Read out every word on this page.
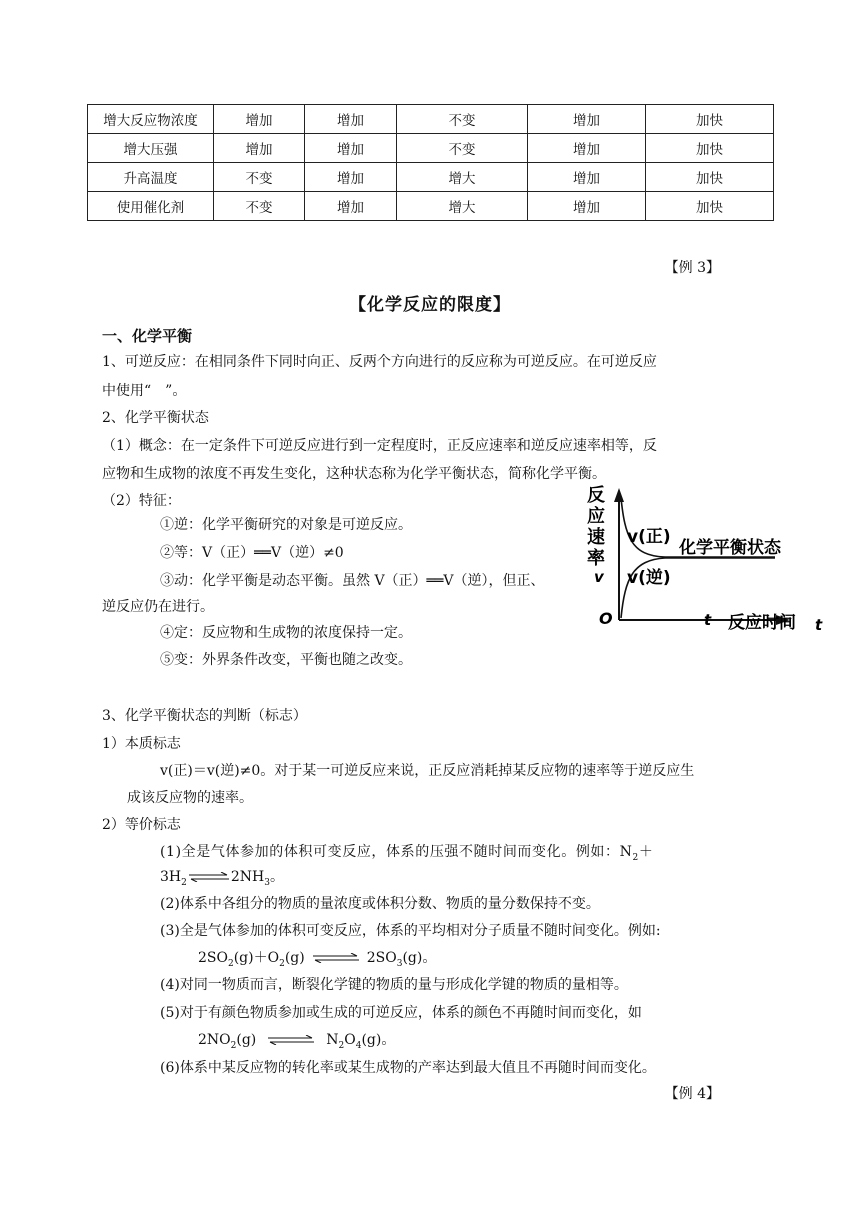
增大反应物浓度	增加	增加	不变	增加	加快
增大压强	增加	增加	不变	增加	加快
升高温度	不变	增加	增大	增加	加快
使用催化剂	不变	增加	增大	增加	加快
【例 3】
【化学反应的限度】
一、化学平衡
1、可逆反应：在相同条件下同时向正、反两个方向进行的反应称为可逆反应。在可逆反应
中使用“　”。
2、化学平衡状态
（1）概念：在一定条件下可逆反应进行到一定程度时，正反应速率和逆反应速率相等，反
应物和生成物的浓度不再发生变化，这种状态称为化学平衡状态，简称化学平衡。
（2）特征：
①逆：化学平衡研究的对象是可逆反应。
②等：V（正）══V（逆）≠0
③动：化学平衡是动态平衡。虽然 V（正）══V（逆），但正、
逆反应仍在进行。
④定：反应物和生成物的浓度保持一定。
⑤变：外界条件改变，平衡也随之改变。
反
应
速
率
v
O	t 反应时间 t
v(正)
v(逆)
化学平衡状态
3、化学平衡状态的判断（标志）
1）本质标志
v(正)＝v(逆)≠0。对于某一可逆反应来说，正反应消耗掉某反应物的速率等于逆反应生
成该反应物的速率。
2）等价标志
(1)全是气体参加的体积可变反应，体系的压强不随时间而变化。例如：$N_2+$
$3H_2$ ⇌ $2NH_3$。
(2)体系中各组分的物质的量浓度或体积分数、物质的量分数保持不变。
(3)全是气体参加的体积可变反应，体系的平均相对分子质量不随时间变化。例如:
$2SO_2(g)+O_2(g)$ ⇌ $2SO_3(g)$。
(4)对同一物质而言，断裂化学键的物质的量与形成化学键的物质的量相等。
(5)对于有颜色物质参加或生成的可逆反应，体系的颜色不再随时间而变化，如
$2NO_2(g)$ ⇌ $N_2O_4(g)$。
(6)体系中某反应物的转化率或某生成物的产率达到最大值且不再随时间而变化。
【例 4】
